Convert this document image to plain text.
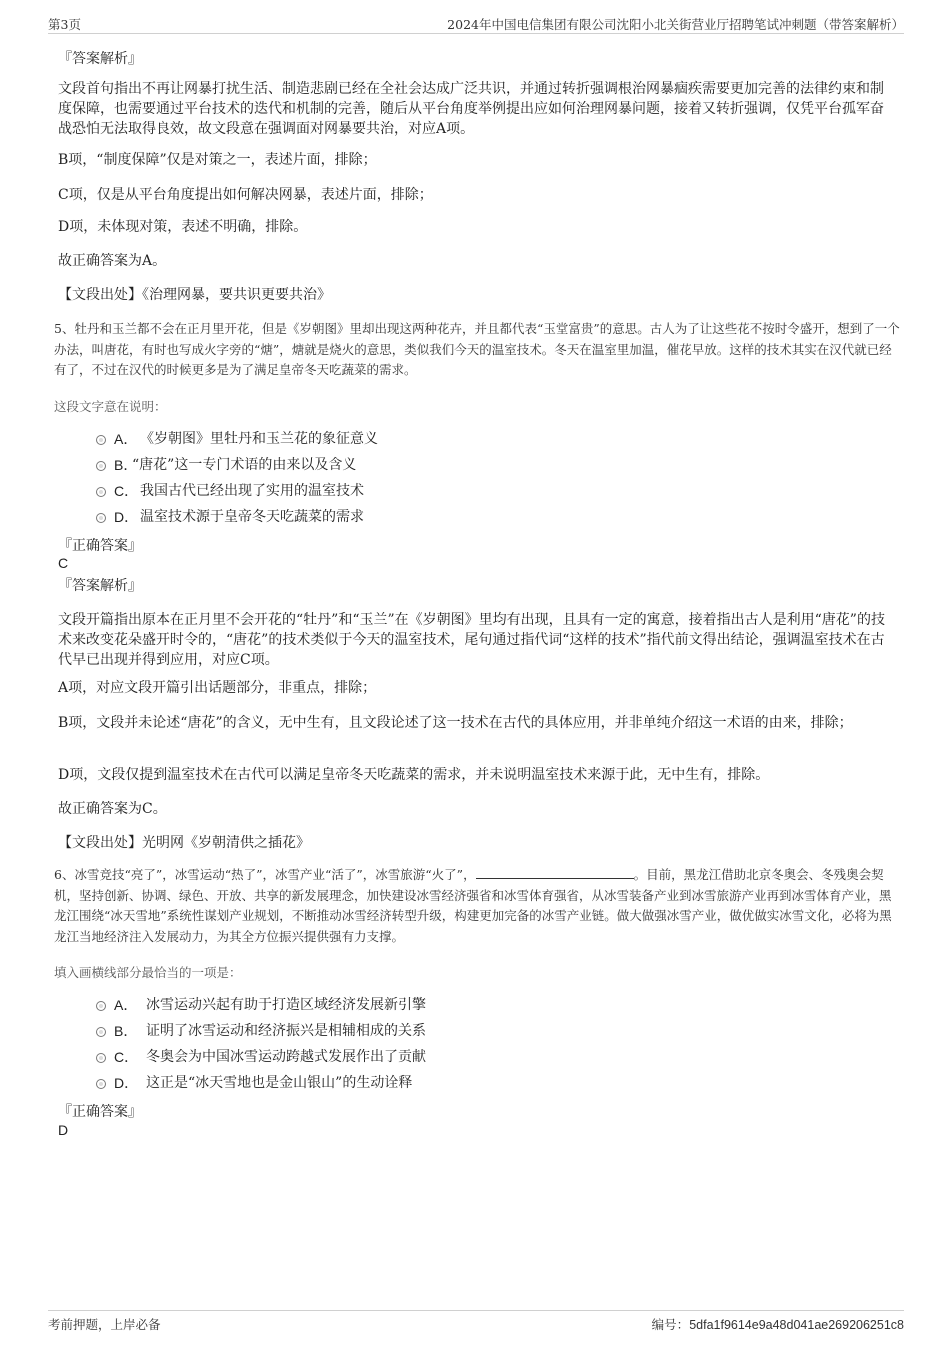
第3页	2024年中国电信集团有限公司沈阳小北关街营业厅招聘笔试冲刺题（带答案解析）
『答案解析』
文段首句指出不再让网暴打扰生活、制造悲剧已经在全社会达成广泛共识，并通过转折强调根治网暴痼疾需要更加完善的法律约束和制度保障，也需要通过平台技术的迭代和机制的完善，随后从平台角度举例提出应如何治理网暴问题，接着又转折强调，仅凭平台孤军奋战恐怕无法取得良效，故文段意在强调面对网暴要共治，对应A项。
B项，“制度保障”仅是对策之一，表述片面，排除；
C项，仅是从平台角度提出如何解决网暴，表述片面，排除；
D项，未体现对策，表述不明确，排除。
故正确答案为A。
【文段出处】《治理网暴，要共识更要共治》
5、牡丹和玉兰都不会在正月里开花，但是《岁朝图》里却出现这两种花卉，并且都代表“玉堂富贵”的意思。古人为了让这些花不按时令盛开，想到了一个办法，叫唐花，有时也写成火字旁的“煻”，煻就是烧火的意思，类似我们今天的温室技术。冬天在温室里加温，催花早放。这样的技术其实在汉代就已经有了，不过在汉代的时候更多是为了满足皇帝冬天吃蔬菜的需求。
这段文字意在说明：
A． 《岁朝图》里牡丹和玉兰花的象征意义
B．
“唐花”这一专门术语的由来以及含义
C． 我国古代已经出现了实用的温室技术
D． 温室技术源于皇帝冬天吃蔬菜的需求
『正确答案』
C
『答案解析』
文段开篇指出原本在正月里不会开花的“牡丹”和“玉兰”在《岁朝图》里均有出现，且具有一定的寓意，接着指出古人是利用“唐花”的技术来改变花朵盛开时令的，“唐花”的技术类似于今天的温室技术，尾句通过指代词“这样的技术”指代前文得出结论，强调温室技术在古代早已出现并得到应用，对应C项。
A项，对应文段开篇引出话题部分，非重点，排除；
B项，文段并未论述“唐花”的含义，无中生有，且文段论述了这一技术在古代的具体应用，并非单纯介绍这一术语的由来，排除；
D项，文段仅提到温室技术在古代可以满足皇帝冬天吃蔬菜的需求，并未说明温室技术来源于此，无中生有，排除。
故正确答案为C。
【文段出处】光明网《岁朝清供之插花》
6、冰雪竞技“亮了”，冰雪运动“热了”，冰雪产业“活了”，冰雪旅游“火了”，	。目前，黑龙江借助北京冬奥会、冬残奥会契机，坚持创新、协调、绿色、开放、共享的新发展理念，加快建设冰雪经济强省和冰雪体育强省，从冰雪装备产业到冰雪旅游产业再到冰雪体育产业，黑龙江围绕“冰天雪地”系统性谋划产业规划，不断推动冰雪经济转型升级，构建更加完备的冰雪产业链。做大做强冰雪产业，做优做实冰雪文化，必将为黑龙江当地经济注入发展动力，为其全方位振兴提供强有力支撑。
填入画横线部分最恰当的一项是：
A． 冰雪运动兴起有助于打造区域经济发展新引擎
B． 证明了冰雪运动和经济振兴是相辅相成的关系
C． 冬奥会为中国冰雪运动跨越式发展作出了贡献
D． 这正是“冰天雪地也是金山银山”的生动诠释
『正确答案』
D
考前押题，上岸必备	编号：5dfa1f9614e9a48d041ae269206251c8
